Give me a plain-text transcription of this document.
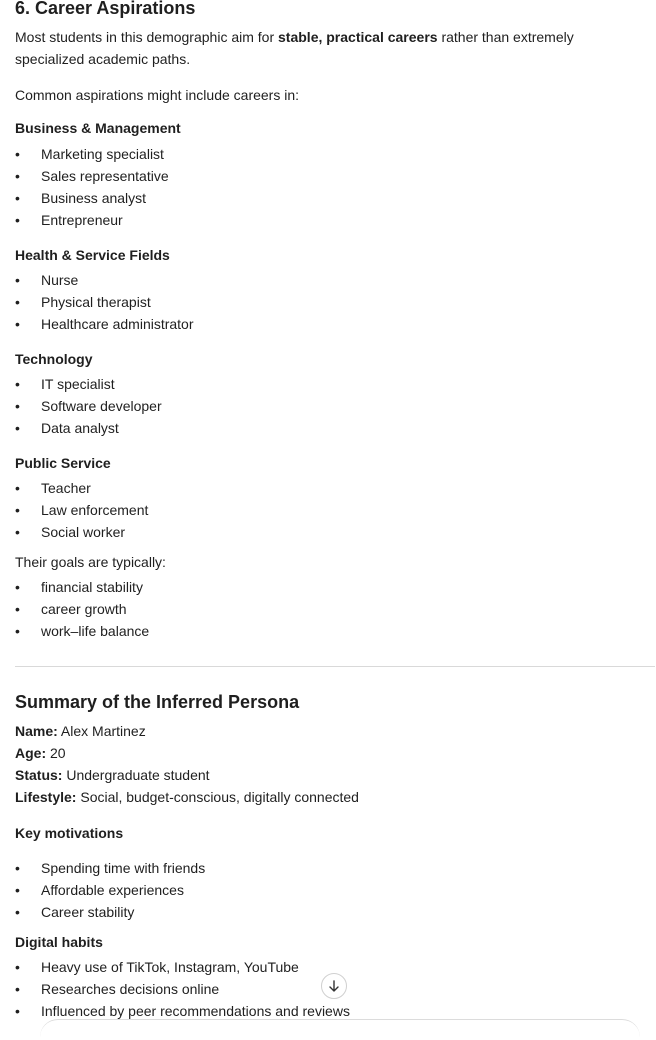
6. Career Aspirations

Most students in this demographic aim for stable, practical careers rather than extremely specialized academic paths.

Common aspirations might include careers in:

Business & Management
• Marketing specialist
• Sales representative
• Business analyst
• Entrepreneur
Health & Service Fields
• Nurse
• Physical therapist
• Healthcare administrator
Technology
• IT specialist
• Software developer
• Data analyst
Public Service
• Teacher
• Law enforcement
• Social worker

Their goals are typically:

• financial stability
• career growth
• work–life balance
Summary of the Inferred Persona
Name: Alex Martinez
Age: 20
Status: Undergraduate student
Lifestyle: Social, budget-conscious, digitally connected
Key motivations
• Spending time with friends
• Affordable experiences
• Career stability
Digital habits
• Heavy use of TikTok, Instagram, YouTube
• Researches decisions online
• Influenced by peer recommendations and reviews
